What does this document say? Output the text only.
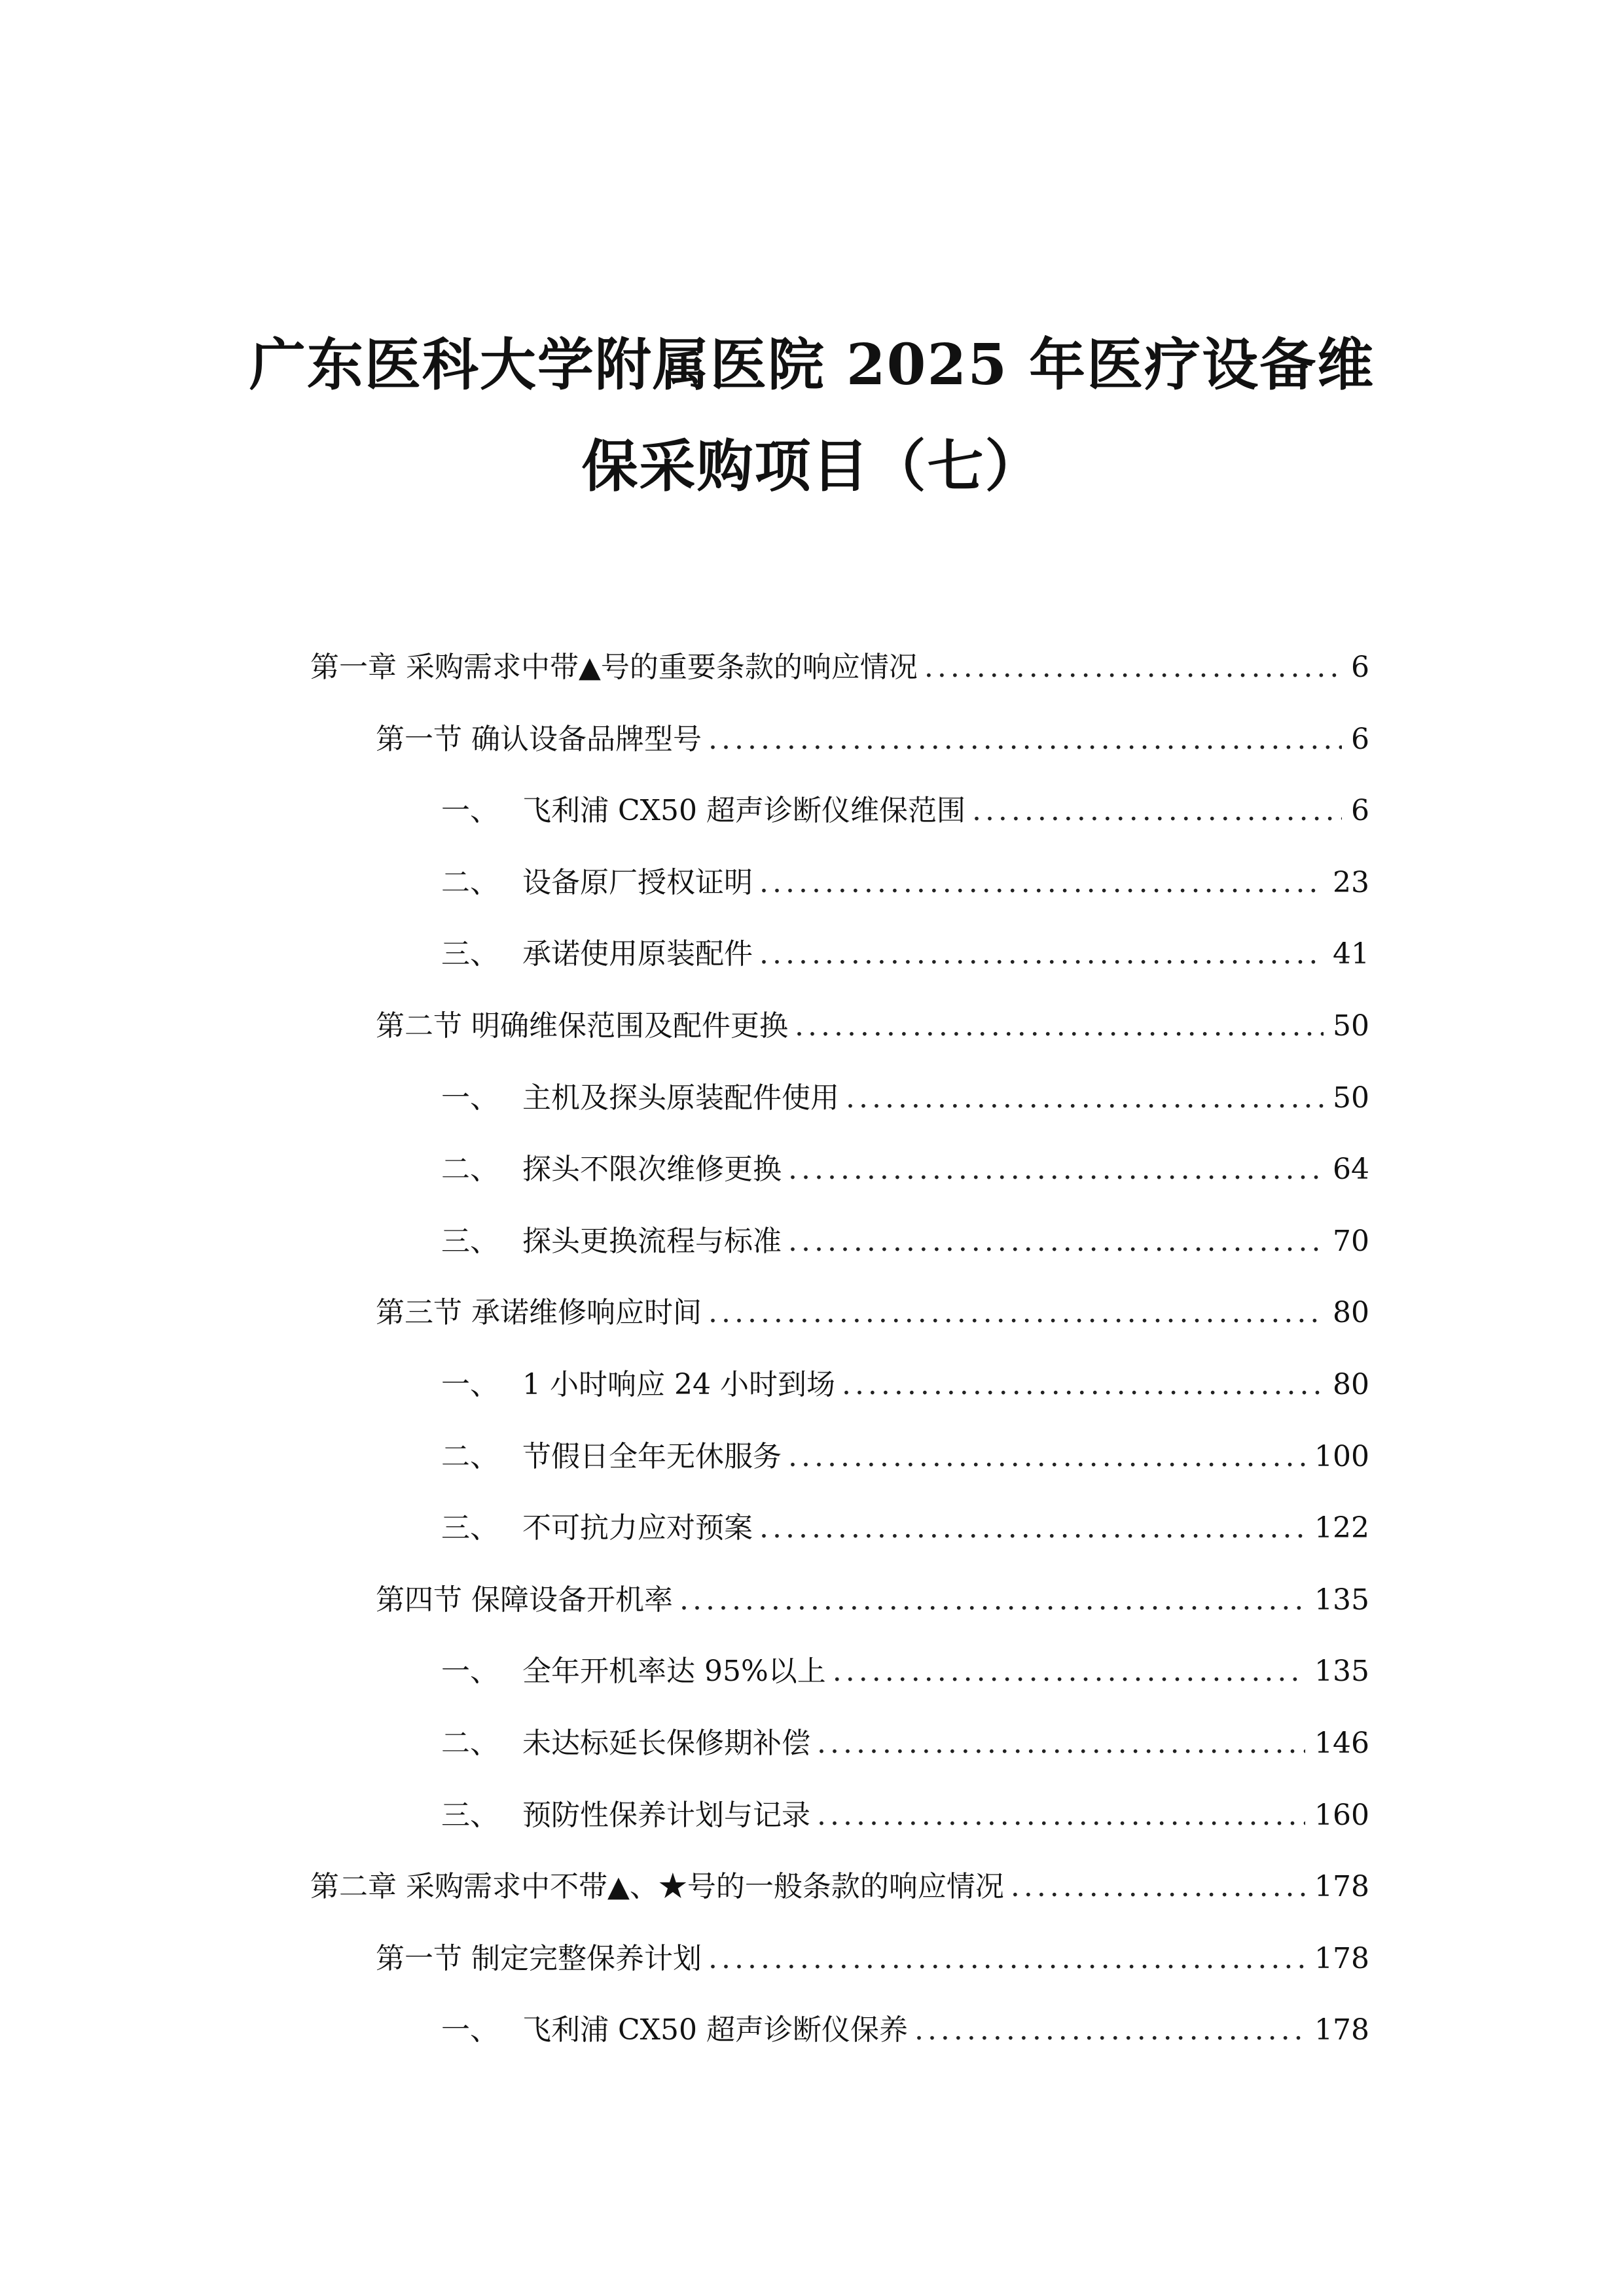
广东医科大学附属医院 2025 年医疗设备维
保采购项目（七）
第一章 采购需求中带▲号的重要条款的响应情况 .....	6
第一节 确认设备品牌型号 .....	6
一、 飞利浦 CX50 超声诊断仪维保范围 .....	6
二、 设备原厂授权证明 .....	23
三、 承诺使用原装配件 .....	41
第二节 明确维保范围及配件更换 .....	50
一、 主机及探头原装配件使用 .....	50
二、 探头不限次维修更换 .....	64
三、 探头更换流程与标准 .....	70
第三节 承诺维修响应时间 .....	80
一、 1 小时响应 24 小时到场 .....	80
二、 节假日全年无休服务 .....	100
三、 不可抗力应对预案 .....	122
第四节 保障设备开机率 .....	135
一、 全年开机率达 95%以上 .....	135
二、 未达标延长保修期补偿 .....	146
三、 预防性保养计划与记录 .....	160
第二章 采购需求中不带▲、★号的一般条款的响应情况 .....	178
第一节 制定完整保养计划 .....	178
一、 飞利浦 CX50 超声诊断仪保养 .....	178
